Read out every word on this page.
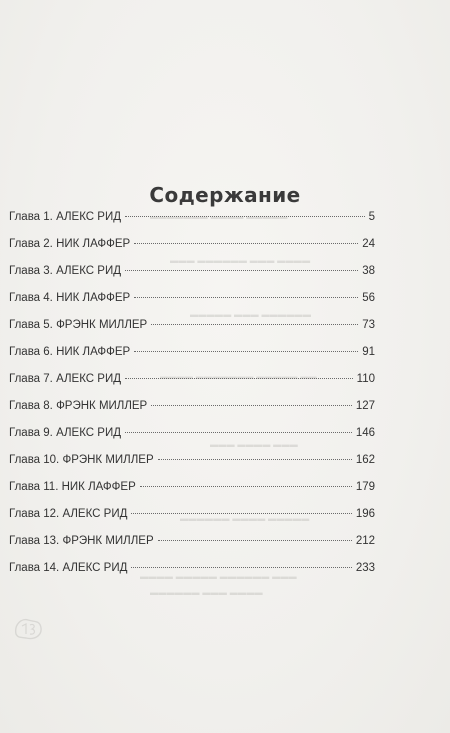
▬▬▬▬▬▬▬ ▬▬▬▬ ▬▬▬▬▬
▬▬▬ ▬▬▬▬▬▬ ▬▬▬ ▬▬▬▬
▬▬▬▬▬ ▬▬▬ ▬▬▬▬▬▬
▬▬▬▬ ▬▬▬▬▬▬▬ ▬▬▬▬▬ ▬▬
▬▬▬ ▬▬▬▬ ▬▬▬
▬▬▬▬▬▬ ▬▬▬▬ ▬▬▬▬▬
▬▬▬▬ ▬▬▬▬▬ ▬▬▬▬▬▬ ▬▬▬
▬▬▬▬▬▬ ▬▬▬ ▬▬▬▬
Содержание
Глава 1. АЛЕКС РИД	5
Глава 2. НИК ЛАФФЕР	24
Глава 3. АЛЕКС РИД	38
Глава 4. НИК ЛАФФЕР	56
Глава 5. ФРЭНК МИЛЛЕР	73
Глава 6. НИК ЛАФФЕР	91
Глава 7. АЛЕКС РИД	110
Глава 8. ФРЭНК МИЛЛЕР	127
Глава 9. АЛЕКС РИД	146
Глава 10. ФРЭНК МИЛЛЕР	162
Глава 11. НИК ЛАФФЕР	179
Глава 12. АЛЕКС РИД	196
Глава 13. ФРЭНК МИЛЛЕР	212
Глава 14. АЛЕКС РИД	233
